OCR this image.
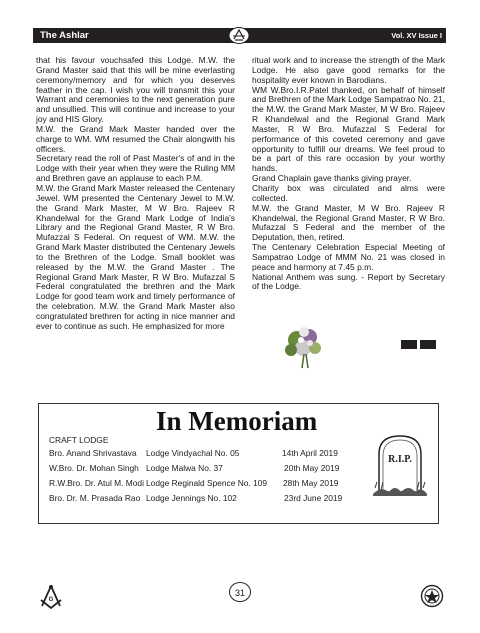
The Ashlar	Vol. XV Issue I

that his favour vouchsafed this Lodge. M.W. the Grand Master said that this will be mine everlasting ceremony/memory and for which you deserves feather in the cap. I wish you will transmit this your Warrant and ceremonies to the next generation pure and unsullied. This will continue and increase to your joy and HIS Glory.

M.W. the Grand Mark Master handed over the charge to WM. WM resumed the Chair alongwith his officers.

Secretary read the roll of Past Master's of and in the Lodge with their year when they were the Ruling MM and Brethren gave an applause to each P.M.

M.W. the Grand Mark Master released the Centenary Jewel. WM presented the Centenary Jewel to M.W. the Grand Mark Master, M W Bro. Rajeev R Khandelwal for the Grand Mark Lodge of India's Library and the Regional Grand Master, R W Bro. Mufazzal S Federal. On request of WM. M.W. the Grand Mark Master distributed the Centenary Jewels to the Brethren of the Lodge. Small booklet was released by the M.W. the Grand Master . The Regional Grand Mark Master, R W Bro. Mufazzal S Federal congratulated the brethren and the Mark Lodge for good team work and timely performance of the celebration. M.W. the Grand Mark Master also congratulated brethren for acting in nice manner and ever to continue as such. He emphasized for more

ritual work and to increase the strength of the Mark Lodge. He also gave good remarks for the hospitality ever known in Barodians.

WM W.Bro.I.R.Patel thanked, on behalf of himself and Brethren of the Mark Lodge Sampatrao No. 21, the M.W. the Grand Mark Master, M W Bro. Rajeev R Khandelwal and the Regional Grand Mark Master, R W Bro. Mufazzal S Federal for performance of this coveted ceremony and gave opportunity to fulfill our dreams. We feel proud to be a part of this rare occasion by your worthy hands.

Grand Chaplain gave thanks giving prayer.

Charity box was circulated and alms were collected.

M.W. the Grand Master, M W Bro. Rajeev R Khandelwal, the Regional Grand Master, R W Bro. Mufazzal S Federal and the member of the Deputation, then, retired.

The Centenary Celebration Especial Meeting of Sampatrao Lodge of MMM No. 21 was closed in peace and harmony at 7.45 p.m.

National Anthem was sung. - Report by Secretary of the Lodge.

In Memoriam
CRAFT LODGE
Bro. Anand Shrivastava Lodge Vindyachal No. 05	14th April 2019
W.Bro. Dr. Mohan Singh Lodge Malwa No. 37	20th May 2019
R.W.Bro. Dr. Atul M. Modi Lodge Reginald Spence No. 109 28th May 2019
Bro. Dr. M. Prasada Rao Lodge Jennings No. 102	23rd June 2019
R.I.P.
G
31
